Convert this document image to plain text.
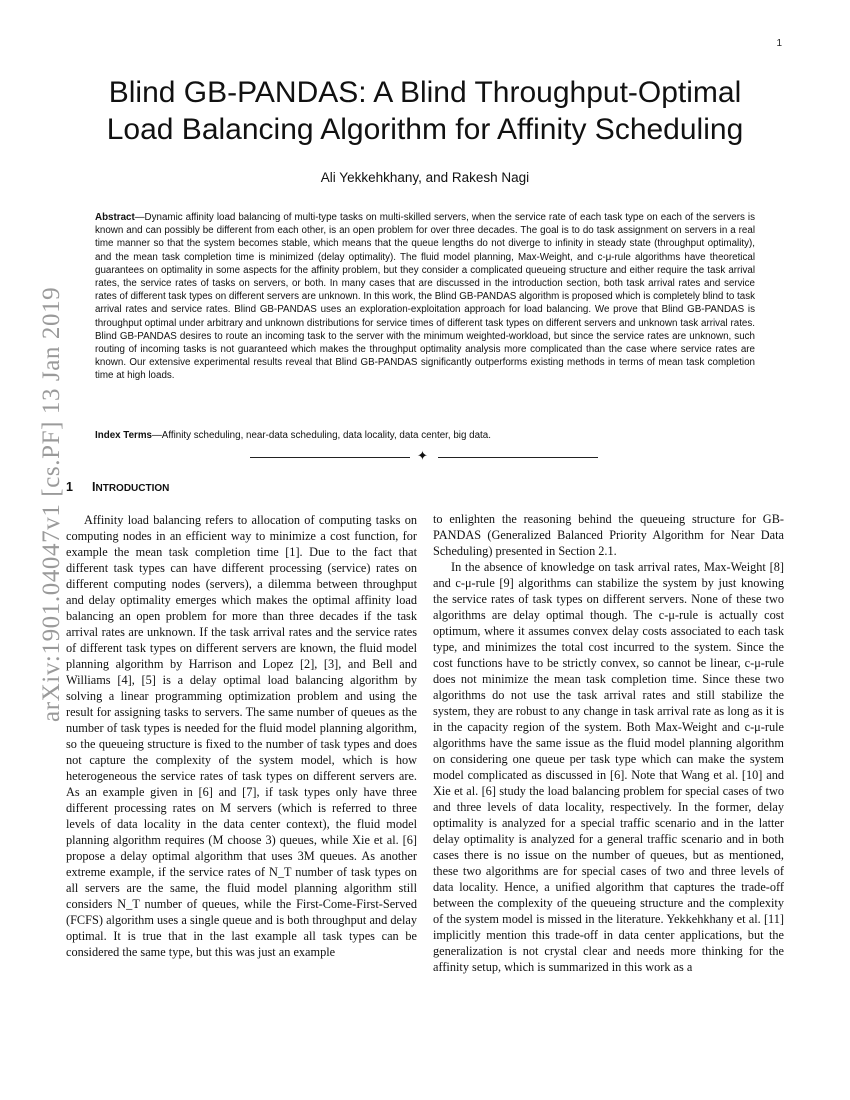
1
arXiv:1901.04047v1 [cs.PF] 13 Jan 2019
Blind GB-PANDAS: A Blind Throughput-Optimal
Load Balancing Algorithm for Affinity Scheduling
Ali Yekkehkhany, and Rakesh Nagi
Abstract—Dynamic affinity load balancing of multi-type tasks on multi-skilled servers, when the service rate of each task type on each of the servers is known and can possibly be different from each other, is an open problem for over three decades. The goal is to do task assignment on servers in a real time manner so that the system becomes stable, which means that the queue lengths do not diverge to infinity in steady state (throughput optimality), and the mean task completion time is minimized (delay optimality). The fluid model planning, Max-Weight, and c-μ-rule algorithms have theoretical guarantees on optimality in some aspects for the affinity problem, but they consider a complicated queueing structure and either require the task arrival rates, the service rates of tasks on servers, or both. In many cases that are discussed in the introduction section, both task arrival rates and service rates of different task types on different servers are unknown. In this work, the Blind GB-PANDAS algorithm is proposed which is completely blind to task arrival rates and service rates. Blind GB-PANDAS uses an exploration-exploitation approach for load balancing. We prove that Blind GB-PANDAS is throughput optimal under arbitrary and unknown distributions for service times of different task types on different servers and unknown task arrival rates. Blind GB-PANDAS desires to route an incoming task to the server with the minimum weighted-workload, but since the service rates are unknown, such routing of incoming tasks is not guaranteed which makes the throughput optimality analysis more complicated than the case where service rates are known. Our extensive experimental results reveal that Blind GB-PANDAS significantly outperforms existing methods in terms of mean task completion time at high loads.
Index Terms—Affinity scheduling, near-data scheduling, data locality, data center, big data.
✦
1 INTRODUCTION

Affinity load balancing refers to allocation of computing tasks on computing nodes in an efficient way to minimize a cost function, for example the mean task completion time [1]. Due to the fact that different task types can have different processing (service) rates on different computing nodes (servers), a dilemma between throughput and delay optimality emerges which makes the optimal affinity load balancing an open problem for more than three decades if the task arrival rates are unknown. If the task arrival rates and the service rates of different task types on different servers are known, the fluid model planning algorithm by Harrison and Lopez [2], [3], and Bell and Williams [4], [5] is a delay optimal load balancing algorithm by solving a linear programming optimization problem and using the result for assigning tasks to servers. The same number of queues as the number of task types is needed for the fluid model planning algorithm, so the queueing structure is fixed to the number of task types and does not capture the complexity of the system model, which is how heterogeneous the service rates of task types on different servers are. As an example given in [6] and [7], if task types only have three different processing rates on M servers (which is referred to three levels of data locality in the data center context), the fluid model planning algorithm requires (M choose 3) queues, while Xie et al. [6] propose a delay optimal algorithm that uses 3M queues. As another extreme example, if the service rates of N_T number of task types on all servers are the same, the fluid model planning algorithm still considers N_T number of queues, while the First-Come-First-Served (FCFS) algorithm uses a single queue and is both throughput and delay optimal. It is true that in the last example all task types can be considered the same type, but this was just an example

to enlighten the reasoning behind the queueing structure for GB-PANDAS (Generalized Balanced Priority Algorithm for Near Data Scheduling) presented in Section 2.1.

In the absence of knowledge on task arrival rates, Max-Weight [8] and c-μ-rule [9] algorithms can stabilize the system by just knowing the service rates of task types on different servers. None of these two algorithms are delay optimal though. The c-μ-rule is actually cost optimum, where it assumes convex delay costs associated to each task type, and minimizes the total cost incurred to the system. Since the cost functions have to be strictly convex, so cannot be linear, c-μ-rule does not minimize the mean task completion time. Since these two algorithms do not use the task arrival rates and still stabilize the system, they are robust to any change in task arrival rate as long as it is in the capacity region of the system. Both Max-Weight and c-μ-rule algorithms have the same issue as the fluid model planning algorithm on considering one queue per task type which can make the system model complicated as discussed in [6]. Note that Wang et al. [10] and Xie et al. [6] study the load balancing problem for special cases of two and three levels of data locality, respectively. In the former, delay optimality is analyzed for a special traffic scenario and in the latter delay optimality is analyzed for a general traffic scenario and in both cases there is no issue on the number of queues, but as mentioned, these two algorithms are for special cases of two and three levels of data locality. Hence, a unified algorithm that captures the trade-off between the complexity of the queueing structure and the complexity of the system model is missed in the literature. Yekkehkhany et al. [11] implicitly mention this trade-off in data center applications, but the generalization is not crystal clear and needs more thinking for the affinity setup, which is summarized in this work as a
